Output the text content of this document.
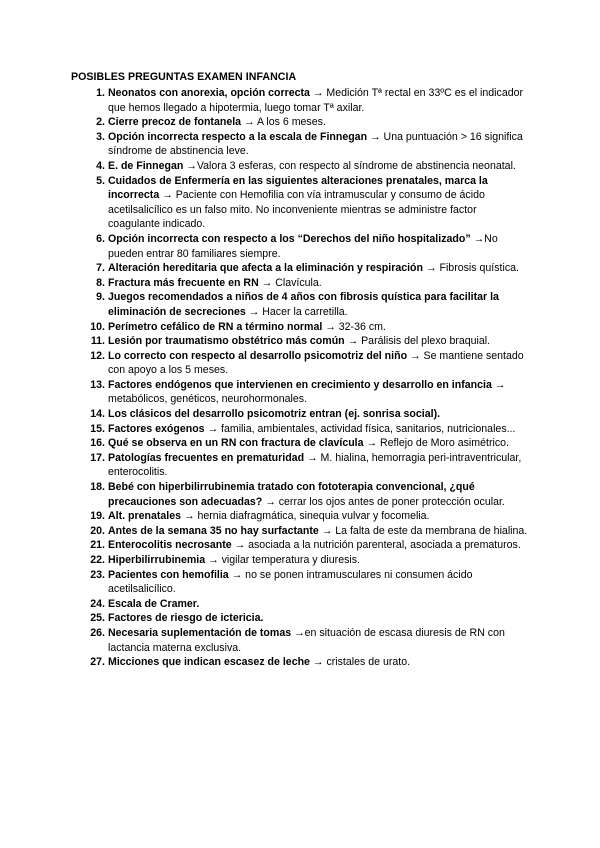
POSIBLES PREGUNTAS EXAMEN INFANCIA
1. Neonatos con anorexia, opción correcta → Medición Tª rectal en 33ºC es el indicador que hemos llegado a hipotermia, luego tomar Tª axilar.
2. Cierre precoz de fontanela → A los 6 meses.
3. Opción incorrecta respecto a la escala de Finnegan → Una puntuación > 16 significa síndrome de abstinencia leve.
4. E. de Finnegan →Valora 3 esferas, con respecto al síndrome de abstinencia neonatal.
5. Cuidados de Enfermería en las siguientes alteraciones prenatales, marca la incorrecta → Paciente con Hemofilia con vía intramuscular y consumo de ácido acetilsalicílico es un falso mito. No inconveniente mientras se administre factor coagulante indicado.
6. Opción incorrecta con respecto a los “Derechos del niño hospitalizado” →No pueden entrar 80 familiares siempre.
7. Alteración hereditaria que afecta a la eliminación y respiración → Fibrosis quística.
8. Fractura más frecuente en RN → Clavícula.
9. Juegos recomendados a niños de 4 años con fibrosis quística para facilitar la eliminación de secreciones → Hacer la carretilla.
10. Perímetro cefálico de RN a término normal → 32-36 cm.
11. Lesión por traumatismo obstétrico más común → Parálisis del plexo braquial.
12. Lo correcto con respecto al desarrollo psicomotriz del niño → Se mantiene sentado con apoyo a los 5 meses.
13. Factores endógenos que intervienen en crecimiento y desarrollo en infancia → metabólicos, genéticos, neurohormonales.
14. Los clásicos del desarrollo psicomotriz entran (ej. sonrisa social).
15. Factores exógenos → familia, ambientales, actividad física, sanitarios, nutricionales...
16. Qué se observa en un RN con fractura de clavícula → Reflejo de Moro asimétrico.
17. Patologías frecuentes en prematuridad → M. hialina, hemorragia peri-intraventricular, enterocolitis.
18. Bebé con hiperbilirrubinemia tratado con fototerapia convencional, ¿qué precauciones son adecuadas? → cerrar los ojos antes de poner protección ocular.
19. Alt. prenatales → hernia diafragmática, sinequia vulvar y focomelia.
20. Antes de la semana 35 no hay surfactante → La falta de este da membrana de hialina.
21. Enterocolitis necrosante → asociada a la nutrición parenteral, asociada a prematuros.
22. Hiperbilirrubinemia → vigilar temperatura y diuresis.
23. Pacientes con hemofilia → no se ponen intramusculares ni consumen ácido acetilsalicílico.
24. Escala de Cramer.
25. Factores de riesgo de ictericia.
26. Necesaria suplementación de tomas →en situación de escasa diuresis de RN con lactancia materna exclusiva.
27. Micciones que indican escasez de leche → cristales de urato.
